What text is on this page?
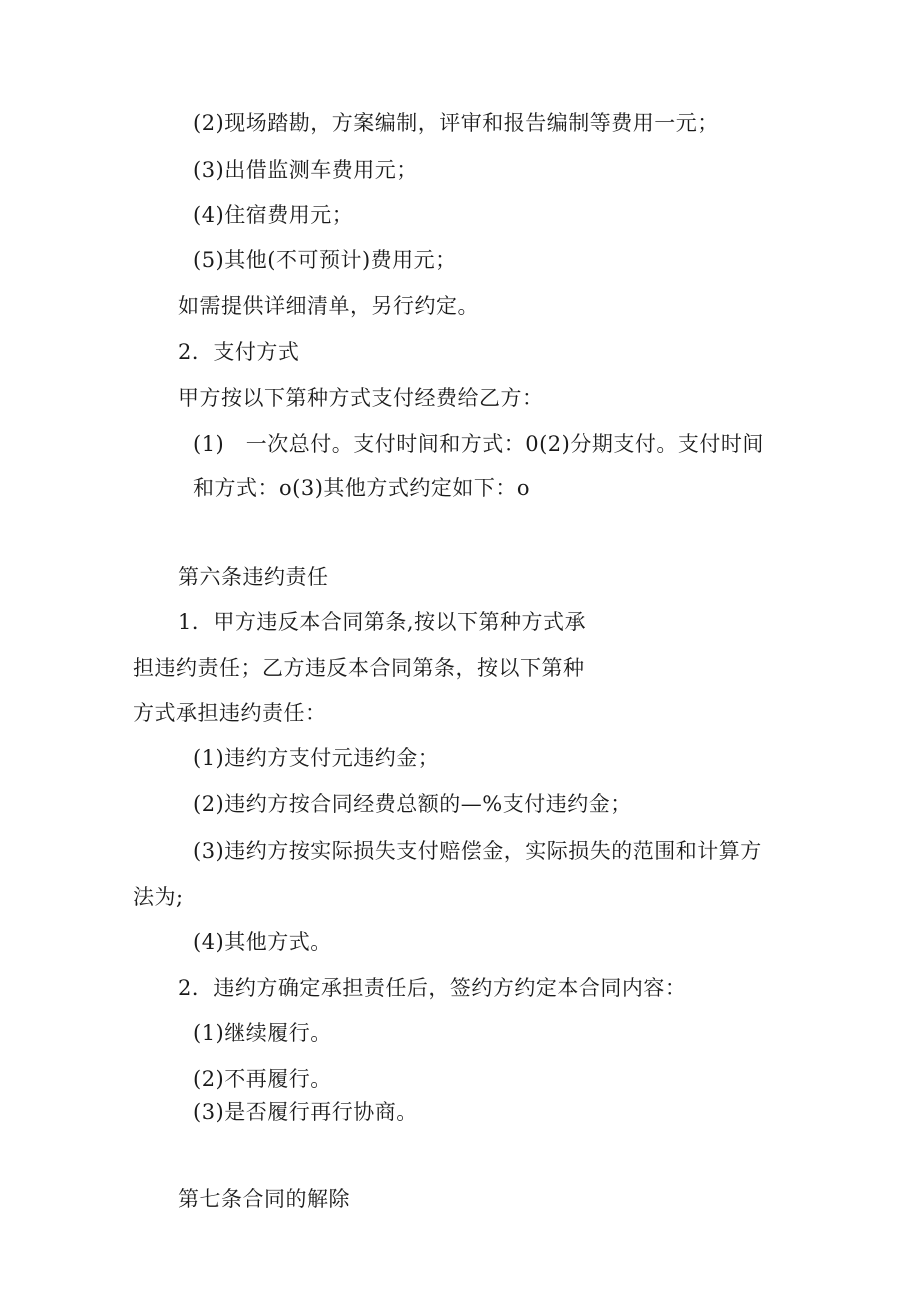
(2)现场踏勘，方案编制，评审和报告编制等费用一元；
(3)出借监测车费用元；
(4)住宿费用元；
(5)其他(不可预计)费用元；
如需提供详细清单，另行约定。
2．支付方式
甲方按以下第种方式支付经费给乙方：
(1)　一次总付。支付时间和方式：0(2)分期支付。支付时间
和方式：o(3)其他方式约定如下：o
第六条违约责任
1．甲方违反本合同第条,按以下第种方式承
担违约责任；乙方违反本合同第条，按以下第种
方式承担违约责任：
(1)违约方支付元违约金；
(2)违约方按合同经费总额的—%支付违约金；
(3)违约方按实际损失支付赔偿金，实际损失的范围和计算方
法为;
(4)其他方式。
2．违约方确定承担责任后，签约方约定本合同内容：
(1)继续履行。
(2)不再履行。
(3)是否履行再行协商。
第七条合同的解除
